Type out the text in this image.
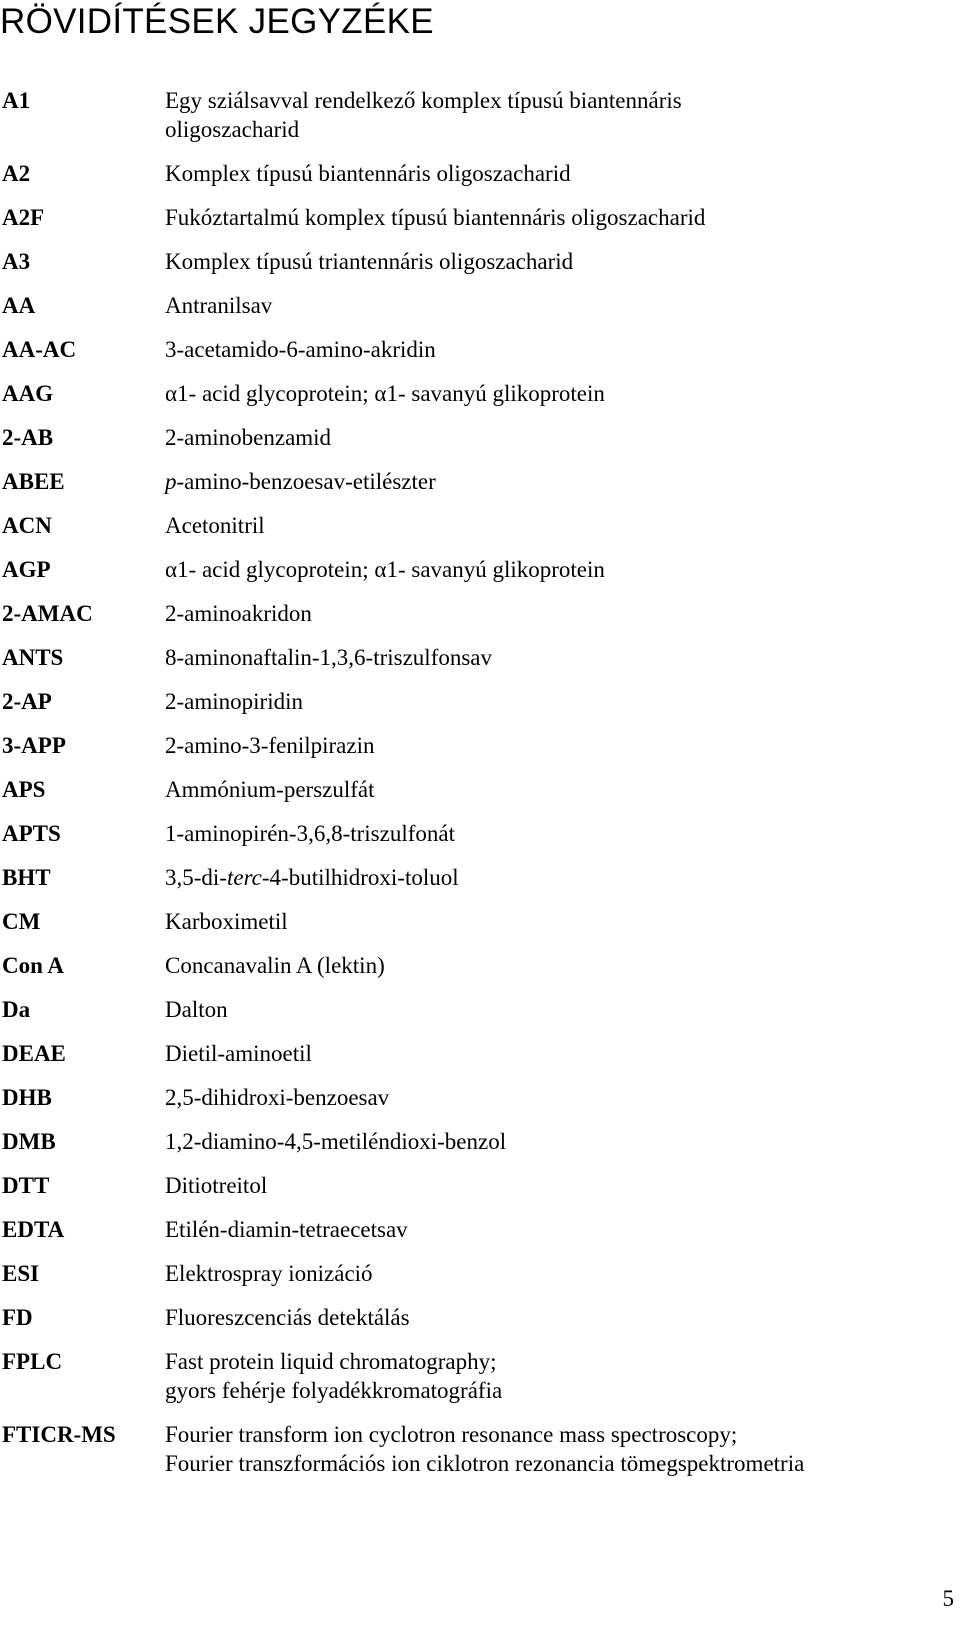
RÖVIDÍTÉSEK JEGYZÉKE
A1	Egy sziálsavval rendelkező komplex típusú biantennáris
oligoszacharid
A2	Komplex típusú biantennáris oligoszacharid
A2F	Fukóztartalmú komplex típusú biantennáris oligoszacharid
A3	Komplex típusú triantennáris oligoszacharid
AA	Antranilsav
AA-AC	3-acetamido-6-amino-akridin
AAG	α1- acid glycoprotein; α1- savanyú glikoprotein
2-AB	2-aminobenzamid
ABEE	p-amino-benzoesav-etilészter
ACN	Acetonitril
AGP	α1- acid glycoprotein; α1- savanyú glikoprotein
2-AMAC	2-aminoakridon
ANTS	8-aminonaftalin-1,3,6-triszulfonsav
2-AP	2-aminopiridin
3-APP	2-amino-3-fenilpirazin
APS	Ammónium-perszulfát
APTS	1-aminopirén-3,6,8-triszulfonát
BHT	3,5-di-terc-4-butilhidroxi-toluol
CM	Karboximetil
Con A	Concanavalin A (lektin)
Da	Dalton
DEAE	Dietil-aminoetil
DHB	2,5-dihidroxi-benzoesav
DMB	1,2-diamino-4,5-metiléndioxi-benzol
DTT	Ditiotreitol
EDTA	Etilén-diamin-tetraecetsav
ESI	Elektrospray ionizáció
FD	Fluoreszcenciás detektálás
FPLC	Fast protein liquid chromatography;
gyors fehérje folyadékkromatográfia
FTICR-MS Fourier transform ion cyclotron resonance mass spectroscopy;
Fourier transzformációs ion ciklotron rezonancia tömegspektrometria
5
